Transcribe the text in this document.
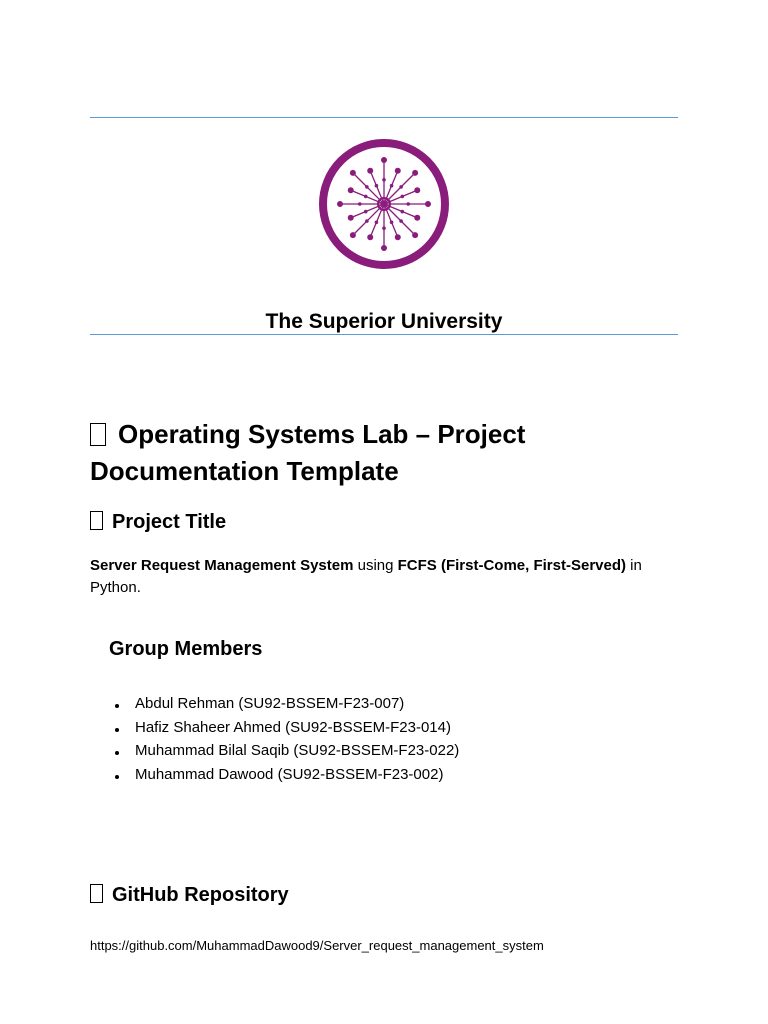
The Superior University
Operating Systems Lab – Project Documentation Template
Project Title
Server Request Management System using FCFS (First-Come, First-Served) in Python.
Group Members
Abdul Rehman (SU92-BSSEM-F23-007)
Hafiz Shaheer Ahmed (SU92-BSSEM-F23-014)
Muhammad Bilal Saqib (SU92-BSSEM-F23-022)
Muhammad Dawood (SU92-BSSEM-F23-002)
GitHub Repository
https://github.com/MuhammadDawood9/Server_request_management_system
